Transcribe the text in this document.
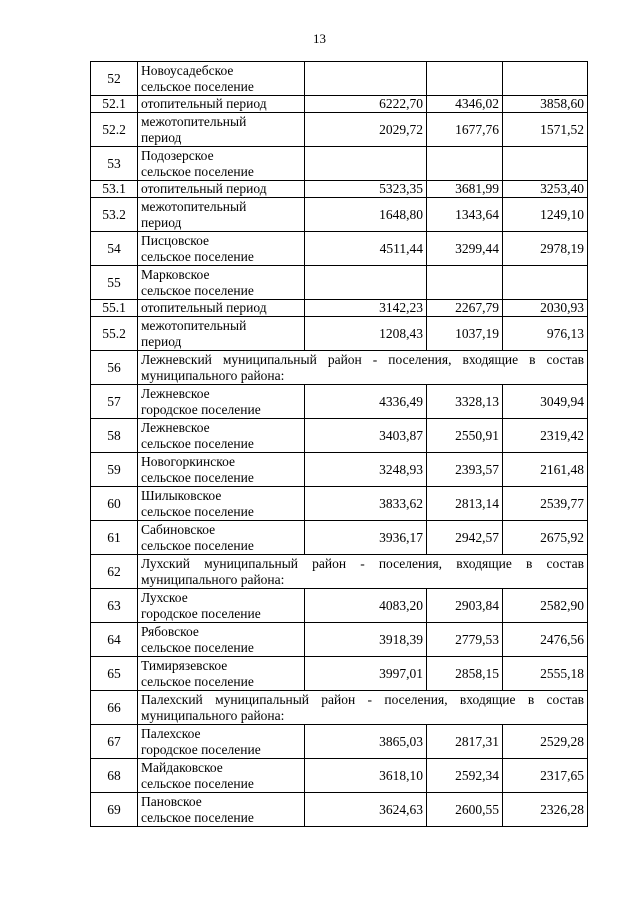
13
52	Новоусадебское
сельское поселение			

52.1	отопительный период	6222,70	4346,02	3858,60
52.2	межотопительный
период	2029,72	1677,76	1571,52
53	Подозерское
сельское поселение			

53.1	отопительный период	5323,35	3681,99	3253,40
53.2	межотопительный
период	1648,80	1343,64	1249,10
54	Писцовское
сельское поселение	4511,44	3299,44	2978,19
55	Марковское
сельское поселение			

55.1	отопительный период	3142,23	2267,79	2030,93
55.2	межотопительный
период	1208,43	1037,19	976,13
56	Лежневский муниципальный район - поселения, входящие в состав муниципального района:			
57	Лежневское
городское поселение	4336,49	3328,13	3049,94
58	Лежневское
сельское поселение	3403,87	2550,91	2319,42
59	Новогоркинское
сельское поселение	3248,93	2393,57	2161,48
60	Шилыковское
сельское поселение	3833,62	2813,14	2539,77
61	Сабиновское
сельское поселение	3936,17	2942,57	2675,92
62	Лухский муниципальный район - поселения, входящие в состав муниципального района:			
63	Лухское
городское поселение	4083,20	2903,84	2582,90
64	Рябовское
сельское поселение	3918,39	2779,53	2476,56
65	Тимирязевское
сельское поселение	3997,01	2858,15	2555,18
66	Палехский муниципальный район - поселения, входящие в состав муниципального района:			
67	Палехское
городское поселение	3865,03	2817,31	2529,28
68	Майдаковское
сельское поселение	3618,10	2592,34	2317,65
69	Пановское
сельское поселение	3624,63	2600,55	2326,28
